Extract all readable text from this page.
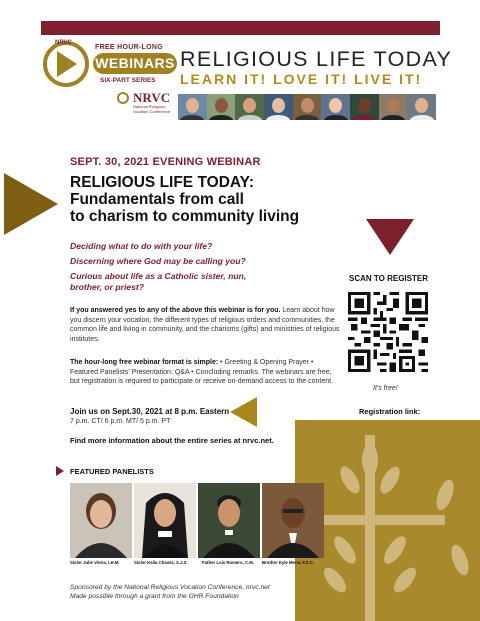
NRVC
FREE HOUR-LONG
WEBINARS
SIX-PART SERIES
NRVC
National Religious Vocation Conference
RELIGIOUS LIFE TODAY
LEARN IT! LOVE IT! LIVE IT!
SEPT. 30, 2021 EVENING WEBINAR
RELIGIOUS LIFE TODAY:
Fundamentals from call
to charism to community living
Deciding what to do with your life?
Discerning where God may be calling you?
Curious about life as a Catholic sister, nun, brother, or priest?
SCAN TO REGISTER
If you answered yes to any of the above this webinar is for you. Learn about how you discern your vocation, the different types of religious orders and communities, the common life and living in community, and the charisms (gifts) and ministries of religious institutes.
It's free!
The hour-long free webinar format is simple: • Greeting & Opening Prayer • Featured Panelists' Presentation: Q&A • Concluding remarks. The webinars are free, but registration is required to participate or receive on-demand access to the content.
Registration link:
Join us on Sept.30, 2021 at 8 p.m. Eastern
7 p.m. CT/ 6 p.m. MT/ 5 p.m. PT
Find more information about the entire series at nrvc.net.
FEATURED PANELISTS
Sister Julie Vieira, I.H.M.	Sister Keila Chavez, S.J.S.	Father Luis Romero, C.M. Brother Kyle Mena, F.S.C.
Sponsored by the National Religious Vocation Conference, nrvc.net
Made possible through a grant from the GHR Foundation
